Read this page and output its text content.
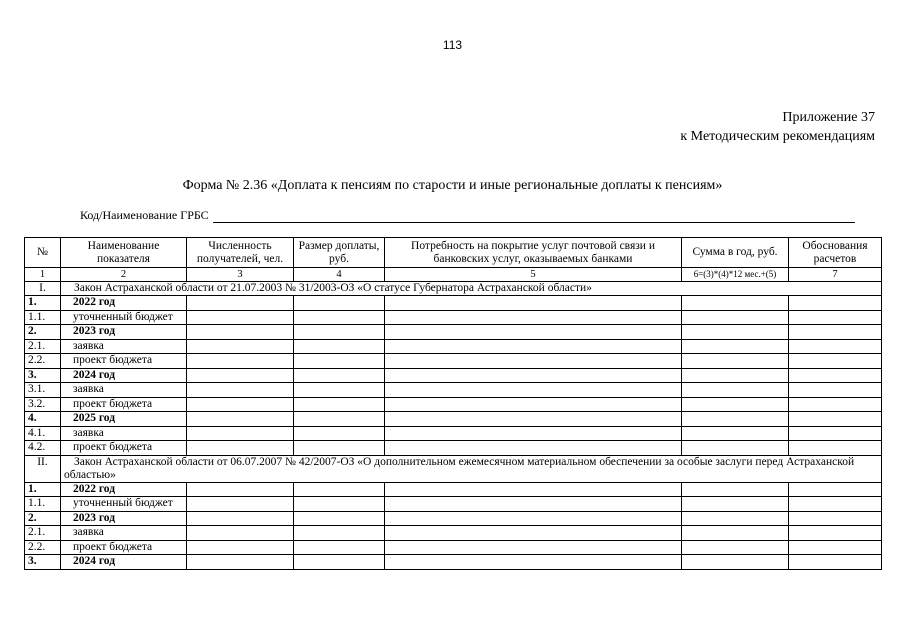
113
Приложение 37
к Методическим рекомендациям
Форма № 2.36 «Доплата к пенсиям по старости и иные региональные доплаты к пенсиям»
Код/Наименование ГРБС
№	Наименование показателя	Численность получателей, чел.	Размер доплаты, руб.	Потребность на покрытие услуг почтовой связи и банковских услуг, оказываемых банками	Сумма в год, руб.	Обоснования расчетов
1	2	3	4	5	6=(3)*(4)*12 мес.+(5)	7
I.	Закон Астраханской области от 21.07.2003 № 31/2003-ОЗ «О статусе Губернатора Астраханской области»					
1.	2022 год					
1.1.	уточненный бюджет					
2.	2023 год					
2.1.	заявка					
2.2.	проект бюджета					
3.	2024 год					
3.1.	заявка					
3.2.	проект бюджета					
4.	2025 год					
4.1.	заявка					
4.2.	проект бюджета					
II.	Закон Астраханской области от 06.07.2007 № 42/2007-ОЗ «О дополнительном ежемесячном материальном обеспечении за особые заслуги перед Астраханской областью»					
1.	2022 год					
1.1.	уточненный бюджет					
2.	2023 год					
2.1.	заявка					
2.2.	проект бюджета					
3.	2024 год					
